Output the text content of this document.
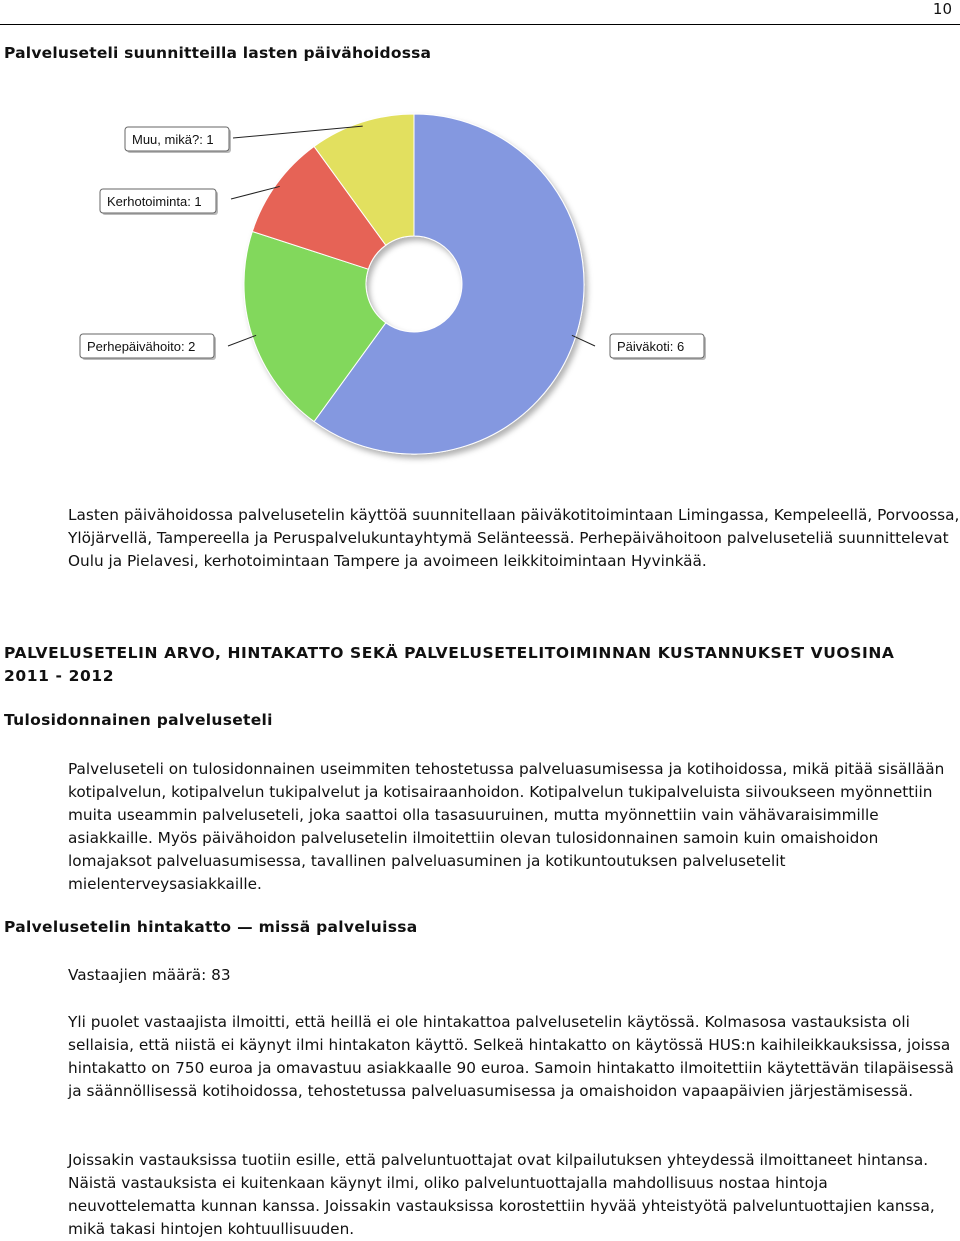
10
Palveluseteli suunnitteilla lasten päivähoidossa
Päiväkoti: 6
Perhepäivähoito: 2
Kerhotoiminta: 1
Muu, mikä?: 1

Lasten päivähoidossa palvelusetelin käyttöä suunnitellaan päiväkotitoimintaan Limingassa, Kempeleellä, Porvoossa, Ylöjärvellä, Tampereella ja Peruspalvelukuntayhtymä Selänteessä. Perhepäivähoitoon palveluseteliä suunnittelevat Oulu ja Pielavesi, kerhotoimintaan Tampere ja avoimeen leikkitoimintaan Hyvinkää.

PALVELUSETELIN ARVO, HINTAKATTO SEKÄ PALVELUSETELITOIMINNAN KUSTANNUKSET VUOSINA 2011 - 2012

Tulosidonnainen palveluseteli

Palveluseteli on tulosidonnainen useimmiten tehostetussa palveluasumisessa ja kotihoidossa, mikä pitää sisällään kotipalvelun, kotipalvelun tukipalvelut ja kotisairaanhoidon. Kotipalvelun tukipalveluista siivoukseen myönnettiin muita useammin palveluseteli, joka saattoi olla tasasuuruinen, mutta myönnettiin vain vähävaraisimmille asiakkaille. Myös päivähoidon palvelusetelin ilmoitettiin olevan tulosidonnainen samoin kuin omaishoidon lomajaksot palveluasumisessa, tavallinen palveluasuminen ja kotikuntoutuksen palvelusetelit mielenterveysasiakkaille.

Palvelusetelin hintakatto — missä palveluissa

Vastaajien määrä: 83

Yli puolet vastaajista ilmoitti, että heillä ei ole hintakattoa palvelusetelin käytössä. Kolmasosa vastauksista oli sellaisia, että niistä ei käynyt ilmi hintakaton käyttö. Selkeä hintakatto on käytössä HUS:n kaihileikkauksissa, joissa hintakatto on 750 euroa ja omavastuu asiakkaalle 90 euroa. Samoin hintakatto ilmoitettiin käytettävän tilapäisessä ja säännöllisessä kotihoidossa, tehostetussa palveluasumisessa ja omaishoidon vapaapäivien järjestämisessä.

Joissakin vastauksissa tuotiin esille, että palveluntuottajat ovat kilpailutuksen yhteydessä ilmoittaneet hintansa. Näistä vastauksista ei kuitenkaan käynyt ilmi, oliko palveluntuottajalla mahdollisuus nostaa hintoja neuvottelematta kunnan kanssa. Joissakin vastauksissa korostettiin hyvää yhteistyötä palveluntuottajien kanssa, mikä takasi hintojen kohtuullisuuden.
